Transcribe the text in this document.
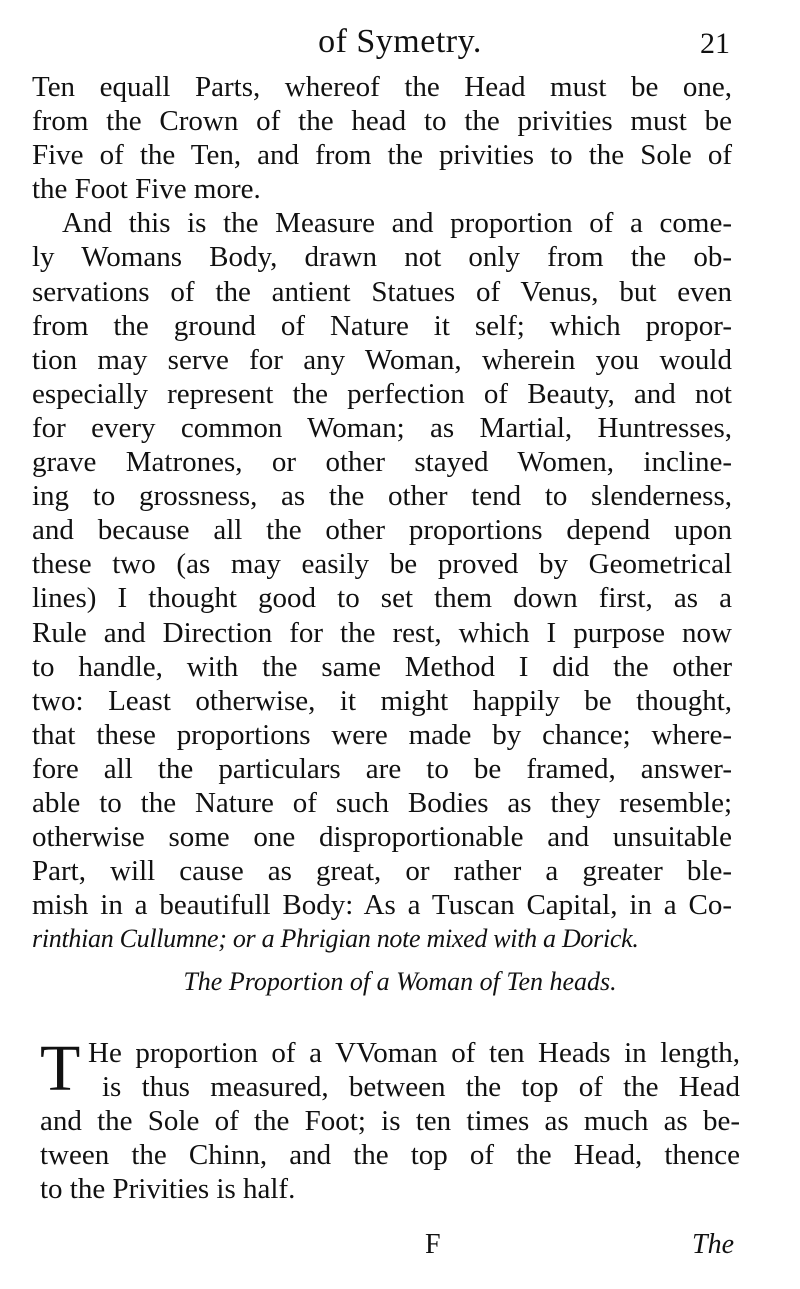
of Symetry.	21
Ten equall Parts, whereof the Head must be one,
from the Crown of the head to the privities must be
Five of the Ten, and from the privities to the Sole of
the Foot Five more.
And this is the Measure and proportion of a come-
ly Womans Body, drawn not only from the ob-
servations of the antient Statues of Venus, but even
from the ground of Nature it self; which propor-
tion may serve for any Woman, wherein you would
especially represent the perfection of Beauty, and not
for every common Woman; as Martial, Huntresses,
grave Matrones, or other stayed Women, incline-
ing to grossness, as the other tend to slenderness,
and because all the other proportions depend upon
these two (as may easily be proved by Geometrical
lines) I thought good to set them down first, as a
Rule and Direction for the rest, which I purpose now
to handle, with the same Method I did the other
two: Least otherwise, it might happily be thought,
that these proportions were made by chance; where-
fore all the particulars are to be framed, answer-
able to the Nature of such Bodies as they resemble;
otherwise some one disproportionable and unsuitable
Part, will cause as great, or rather a greater ble-
mish in a beautifull Body: As a Tuscan Capital, in a Co-
rinthian Cullumne; or a Phrigian note mixed with a Dorick.
The Proportion of a Woman of Ten heads.
T He proportion of a VVoman of ten Heads in length,
is thus measured, between the top of the Head
and the Sole of the Foot; is ten times as much as be-
tween the Chinn, and the top of the Head, thence
to the Privities is half.
F	The
